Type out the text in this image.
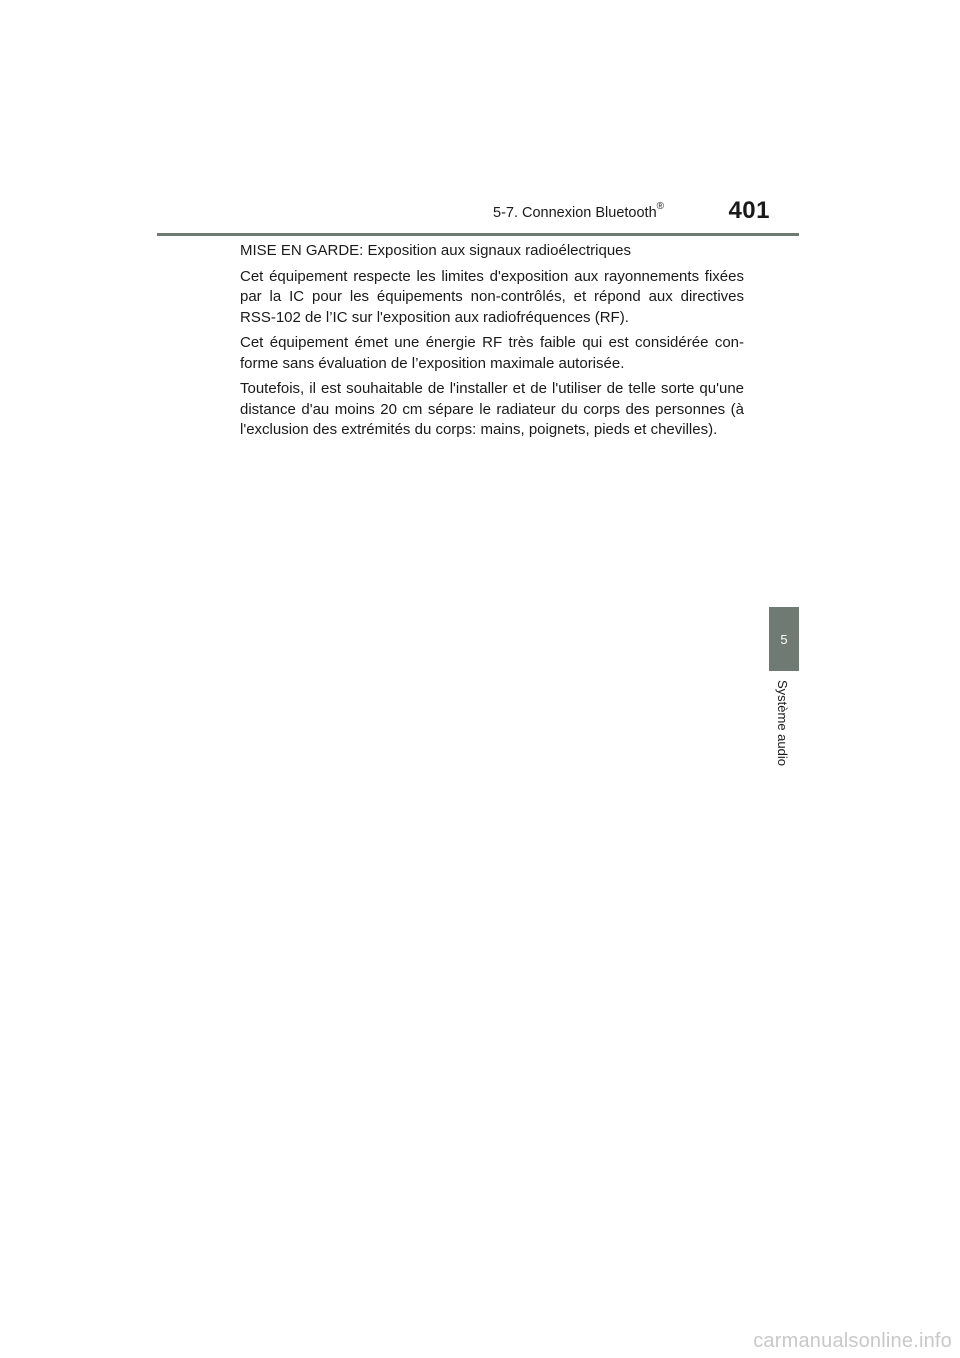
5-7. Connexion Bluetooth®	401

MISE EN GARDE: Exposition aux signaux radioélectriques

Cet équipement respecte les limites d'exposition aux rayonnements fixées par la IC pour les équipements non-contrôlés, et répond aux directives RSS-102 de l’IC sur l'exposition aux radiofréquences (RF).

Cet équipement émet une énergie RF très faible qui est considérée con-forme sans évaluation de l’exposition maximale autorisée.

Toutefois, il est souhaitable de l'installer et de l'utiliser de telle sorte qu'une distance d'au moins 20 cm sépare le radiateur du corps des personnes (à l'exclusion des extrémités du corps: mains, poignets, pieds et chevilles).

5
Système audio
carmanualsonline.info
